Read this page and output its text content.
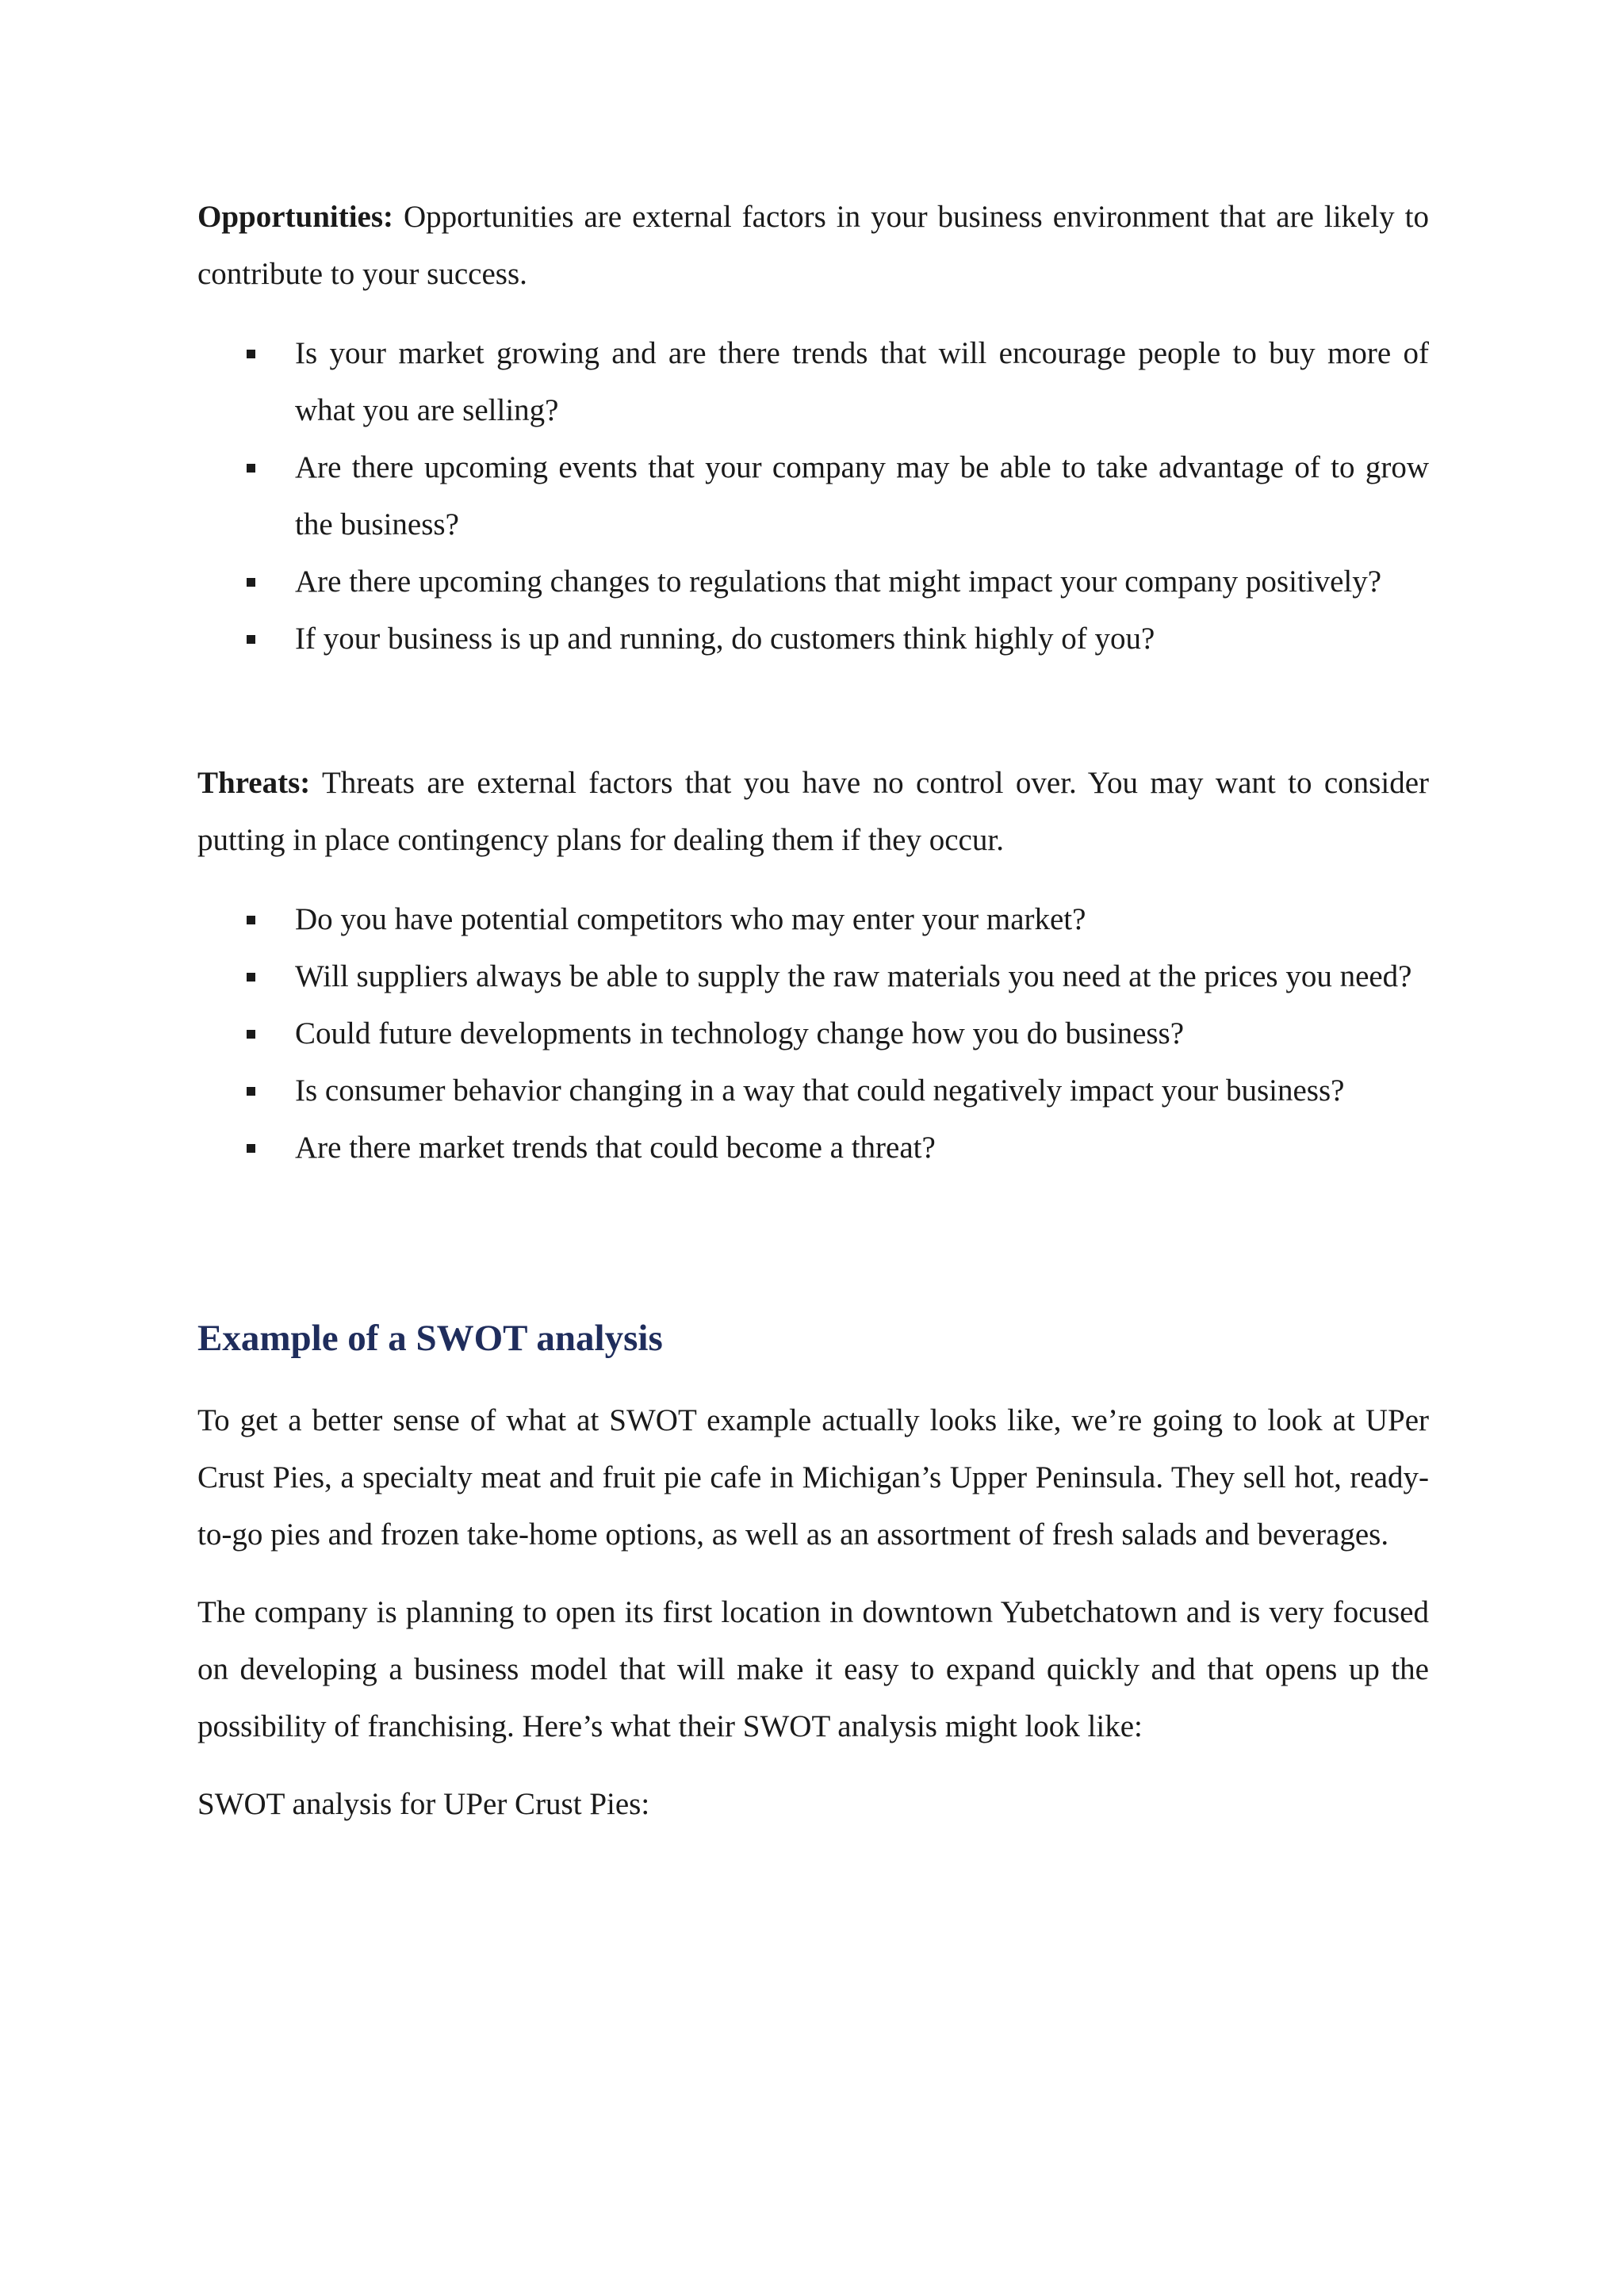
Opportunities: Opportunities are external factors in your business environment that are likely to contribute to your success.

Is your market growing and are there trends that will encourage people to buy more of what you are selling?
Are there upcoming events that your company may be able to take advantage of to grow the business?
Are there upcoming changes to regulations that might impact your company positively?
If your business is up and running, do customers think highly of you?

Threats: Threats are external factors that you have no control over. You may want to consider putting in place contingency plans for dealing them if they occur.

Do you have potential competitors who may enter your market?
Will suppliers always be able to supply the raw materials you need at the prices you need?
Could future developments in technology change how you do business?
Is consumer behavior changing in a way that could negatively impact your business?
Are there market trends that could become a threat?
Example of a SWOT analysis

To get a better sense of what at SWOT example actually looks like, we’re going to look at UPer Crust Pies, a specialty meat and fruit pie cafe in Michigan’s Upper Peninsula. They sell hot, ready-to-go pies and frozen take-home options, as well as an assortment of fresh salads and beverages.

The company is planning to open its first location in downtown Yubetchatown and is very focused on developing a business model that will make it easy to expand quickly and that opens up the possibility of franchising. Here’s what their SWOT analysis might look like:

SWOT analysis for UPer Crust Pies:
